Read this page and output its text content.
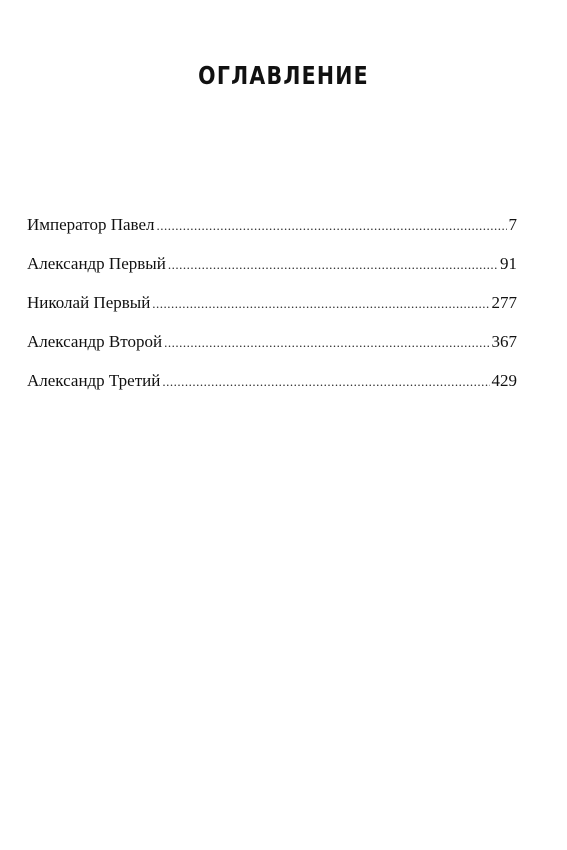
ОГЛАВЛЕНИЕ
Император Павел .....	7
Александр Первый .....	91
Николай Первый .....	277
Александр Второй .....	367
Александр Третий .....	429
